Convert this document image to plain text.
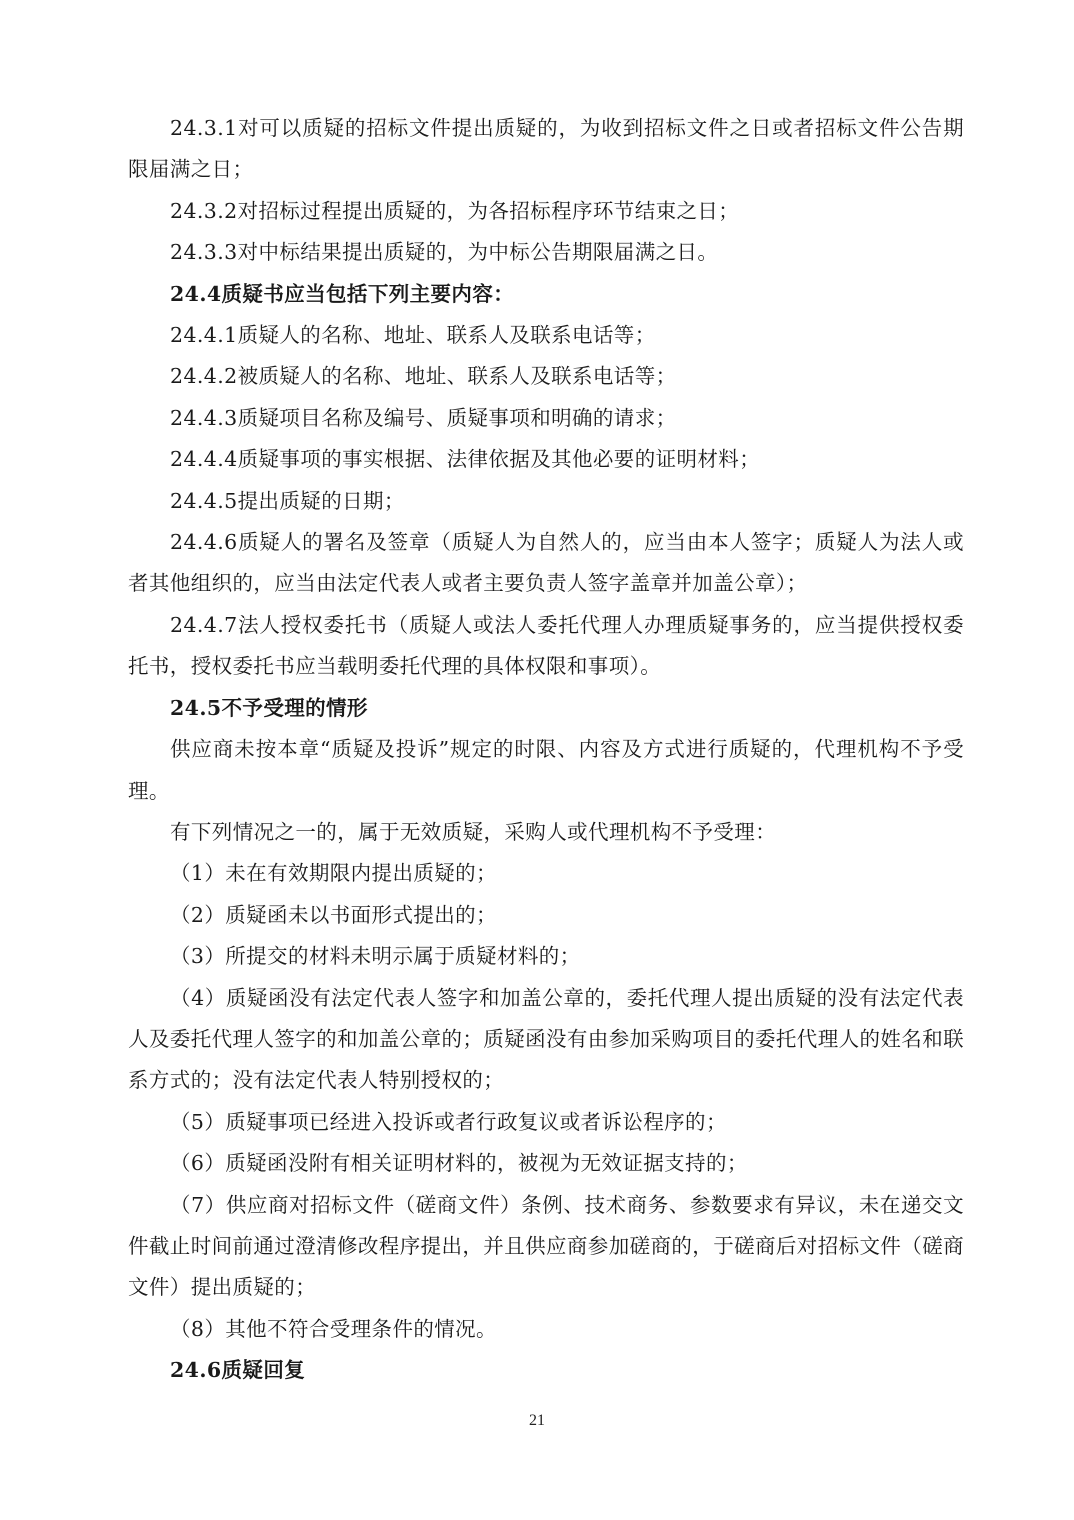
24.3.1对可以质疑的招标文件提出质疑的，为收到招标文件之日或者招标文件公告期限届满之日；

24.3.2对招标过程提出质疑的，为各招标程序环节结束之日；

24.3.3对中标结果提出质疑的，为中标公告期限届满之日。

24.4质疑书应当包括下列主要内容：

24.4.1质疑人的名称、地址、联系人及联系电话等；

24.4.2被质疑人的名称、地址、联系人及联系电话等；

24.4.3质疑项目名称及编号、质疑事项和明确的请求；

24.4.4质疑事项的事实根据、法律依据及其他必要的证明材料；

24.4.5提出质疑的日期；

24.4.6质疑人的署名及签章（质疑人为自然人的，应当由本人签字；质疑人为法人或者其他组织的，应当由法定代表人或者主要负责人签字盖章并加盖公章）；

24.4.7法人授权委托书（质疑人或法人委托代理人办理质疑事务的，应当提供授权委托书，授权委托书应当载明委托代理的具体权限和事项）。

24.5不予受理的情形

供应商未按本章“质疑及投诉”规定的时限、内容及方式进行质疑的，代理机构不予受理。

有下列情况之一的，属于无效质疑，采购人或代理机构不予受理：

（1）未在有效期限内提出质疑的；

（2）质疑函未以书面形式提出的；

（3）所提交的材料未明示属于质疑材料的；

（4）质疑函没有法定代表人签字和加盖公章的，委托代理人提出质疑的没有法定代表人及委托代理人签字的和加盖公章的；质疑函没有由参加采购项目的委托代理人的姓名和联系方式的；没有法定代表人特别授权的；

（5）质疑事项已经进入投诉或者行政复议或者诉讼程序的；

（6）质疑函没附有相关证明材料的，被视为无效证据支持的；

（7）供应商对招标文件（磋商文件）条例、技术商务、参数要求有异议，未在递交文件截止时间前通过澄清修改程序提出，并且供应商参加磋商的，于磋商后对招标文件（磋商文件）提出质疑的；

（8）其他不符合受理条件的情况。

24.6质疑回复

21
